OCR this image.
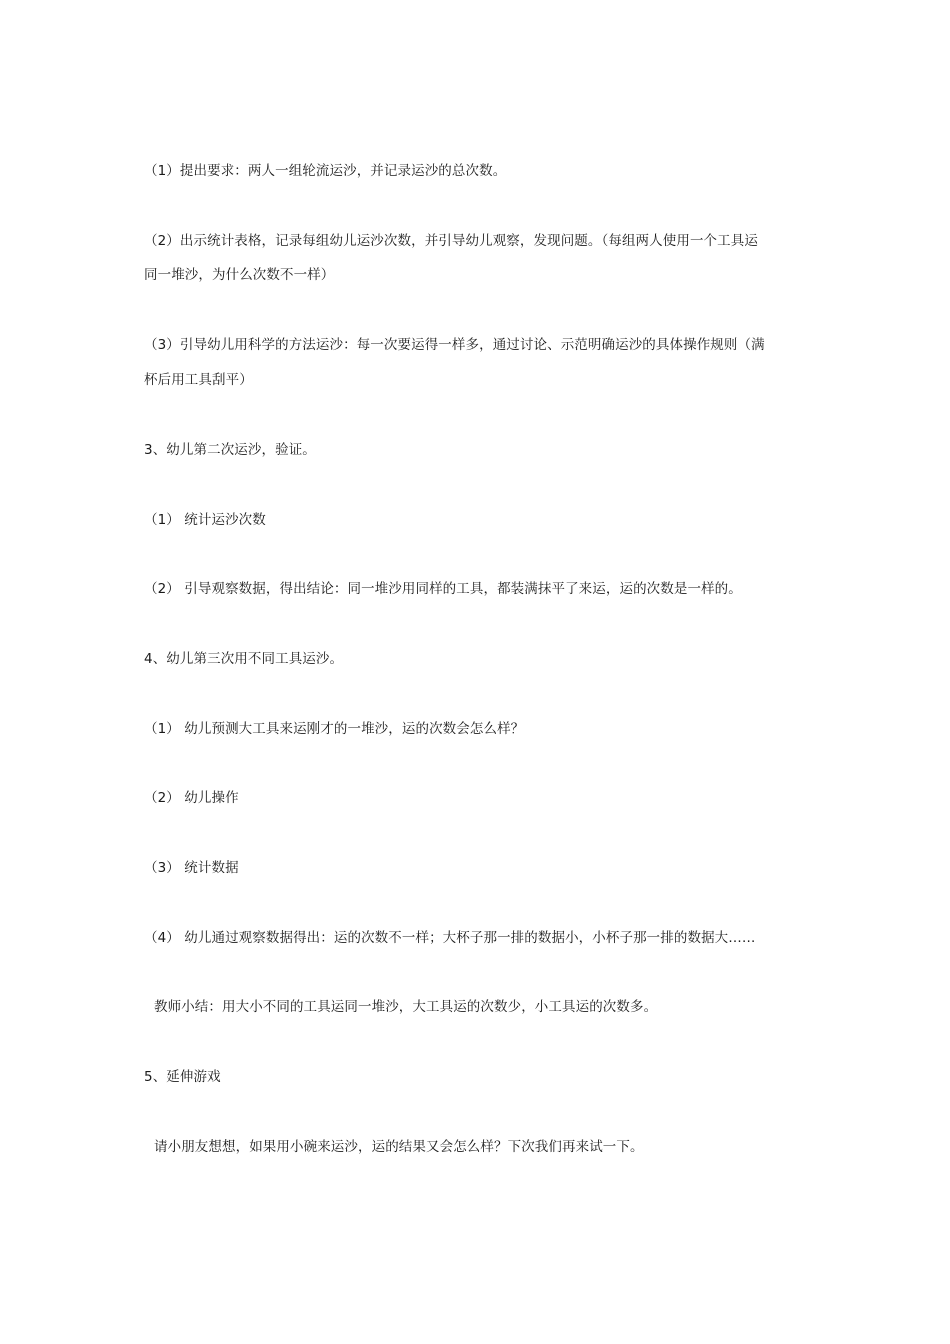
（1）提出要求：两人一组轮流运沙，并记录运沙的总次数。
（2）出示统计表格，记录每组幼儿运沙次数，并引导幼儿观察，发现问题。（每组两人使用一个工具运
同一堆沙，为什么次数不一样）
（3）引导幼儿用科学的方法运沙：每一次要运得一样多，通过讨论、示范明确运沙的具体操作规则（满
杯后用工具刮平）
3、幼儿第二次运沙，验证。
（1） 统计运沙次数
（2） 引导观察数据，得出结论：同一堆沙用同样的工具，都装满抹平了来运，运的次数是一样的。
4、幼儿第三次用不同工具运沙。
（1） 幼儿预测大工具来运刚才的一堆沙，运的次数会怎么样？
（2） 幼儿操作
（3） 统计数据
（4） 幼儿通过观察数据得出：运的次数不一样；大杯子那一排的数据小，小杯子那一排的数据大……
教师小结：用大小不同的工具运同一堆沙，大工具运的次数少，小工具运的次数多。
5、延伸游戏
请小朋友想想，如果用小碗来运沙，运的结果又会怎么样？下次我们再来试一下。
